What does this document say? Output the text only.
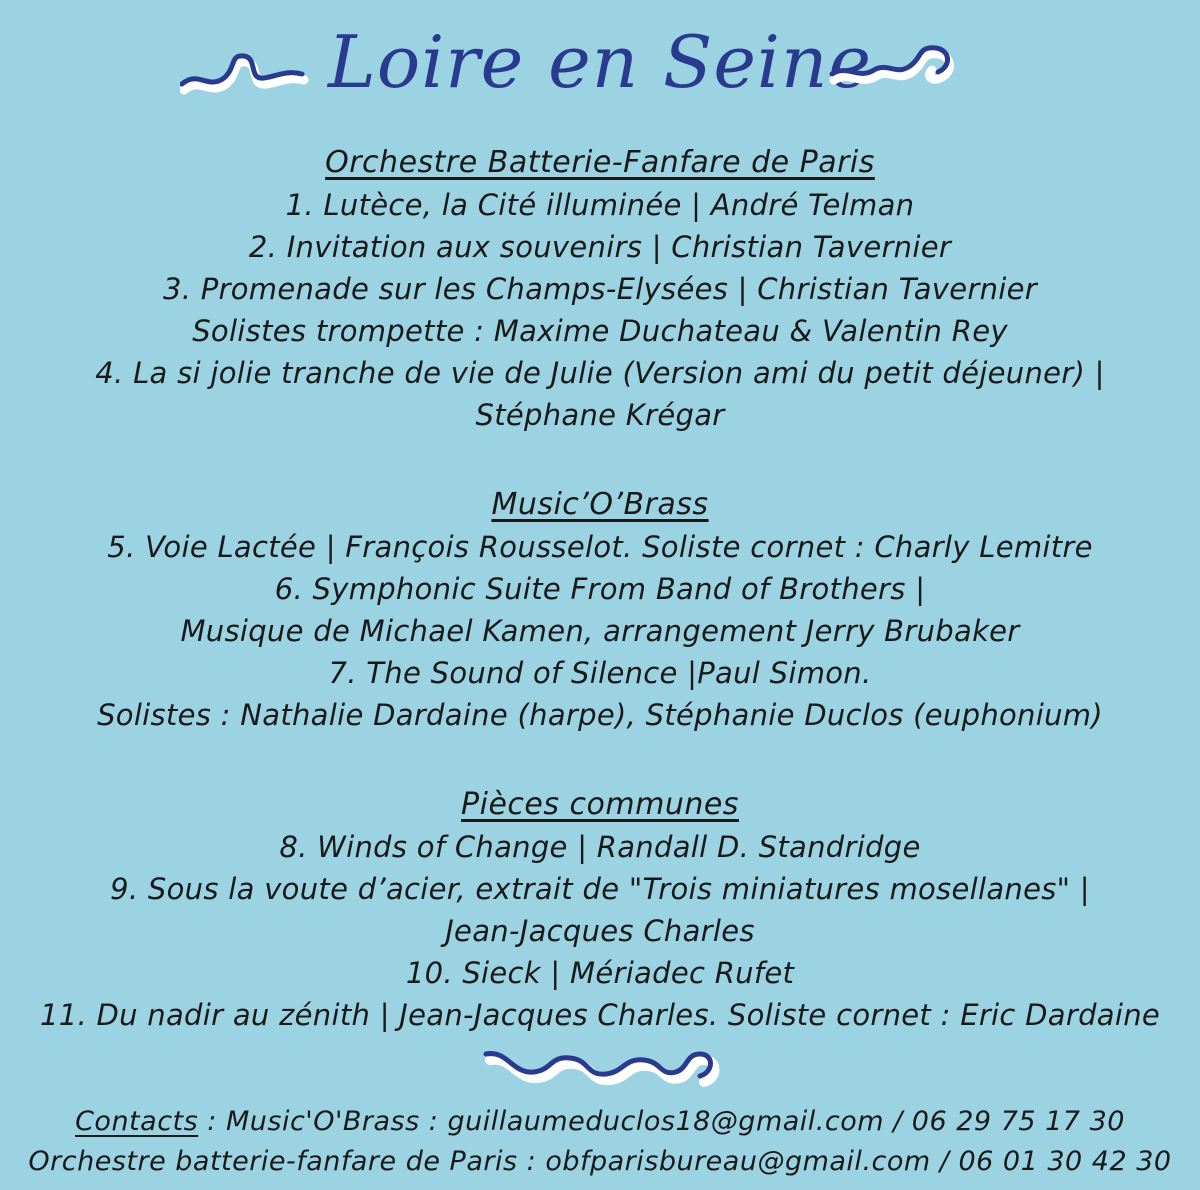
Loire en Seine
Orchestre Batterie-Fanfare de Paris

1. Lutèce, la Cité illuminée | André Telman

2. Invitation aux souvenirs | Christian Tavernier

3. Promenade sur les Champs-Elysées | Christian Tavernier

Solistes trompette : Maxime Duchateau & Valentin Rey

4. La si jolie tranche de vie de Julie (Version ami du petit déjeuner) |

Stéphane Krégar

Music’O’Brass

5. Voie Lactée | François Rousselot. Soliste cornet : Charly Lemitre

6. Symphonic Suite From Band of Brothers |

Musique de Michael Kamen, arrangement Jerry Brubaker

7. The Sound of Silence |Paul Simon.

Solistes : Nathalie Dardaine (harpe), Stéphanie Duclos (euphonium)

Pièces communes

8. Winds of Change | Randall D. Standridge

9. Sous la voute d’acier, extrait de "Trois miniatures mosellanes" |

Jean-Jacques Charles

10. Sieck | Mériadec Rufet

11. Du nadir au zénith | Jean-Jacques Charles. Soliste cornet : Eric Dardaine

Contacts : Music'O'Brass : guillaumeduclos18@gmail.com / 06 29 75 17 30

Orchestre batterie-fanfare de Paris : obfparisbureau@gmail.com / 06 01 30 42 30
